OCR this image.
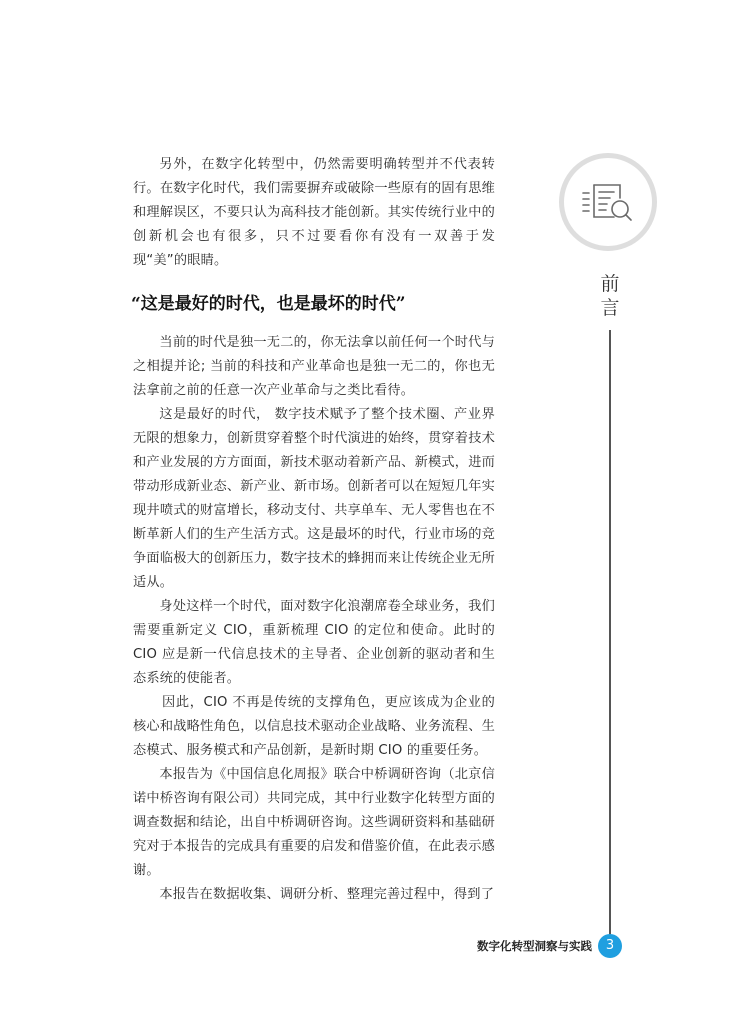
另外，在数字化转型中，仍然需要明确转型并不代表转行。在数字化时代，我们需要摒弃或破除一些原有的固有思维和理解误区，不要只认为高科技才能创新。其实传统行业中的创新机会也有很多，只不过要看你有没有一双善于发现“美”的眼睛。

“这是最好的时代，也是最坏的时代”

当前的时代是独一无二的，你无法拿以前任何一个时代与之相提并论; 当前的科技和产业革命也是独一无二的，你也无法拿前之前的任意一次产业革命与之类比看待。

这是最好的时代， 数字技术赋予了整个技术圈、产业界无限的想象力，创新贯穿着整个时代演进的始终，贯穿着技术和产业发展的方方面面，新技术驱动着新产品、新模式，进而带动形成新业态、新产业、新市场。创新者可以在短短几年实现井喷式的财富增长，移动支付、共享单车、无人零售也在不断革新人们的生产生活方式。这是最坏的时代，行业市场的竞争面临极大的创新压力，数字技术的蜂拥而来让传统企业无所适从。

身处这样一个时代，面对数字化浪潮席卷全球业务，我们需要重新定义 CIO，重新梳理 CIO 的定位和使命。此时的 CIO 应是新一代信息技术的主导者、企业创新的驱动者和生态系统的使能者。

因此，CIO 不再是传统的支撑角色，更应该成为企业的核心和战略性角色，以信息技术驱动企业战略、业务流程、生态模式、服务模式和产品创新，是新时期 CIO 的重要任务。

本报告为《中国信息化周报》联合中桥调研咨询（北京信诺中桥咨询有限公司）共同完成，其中行业数字化转型方面的调查数据和结论，出自中桥调研咨询。这些调研资料和基础研究对于本报告的完成具有重要的启发和借鉴价值，在此表示感谢。

本报告在数据收集、调研分析、整理完善过程中，得到了

前
言
数字化转型洞察与实践	3
